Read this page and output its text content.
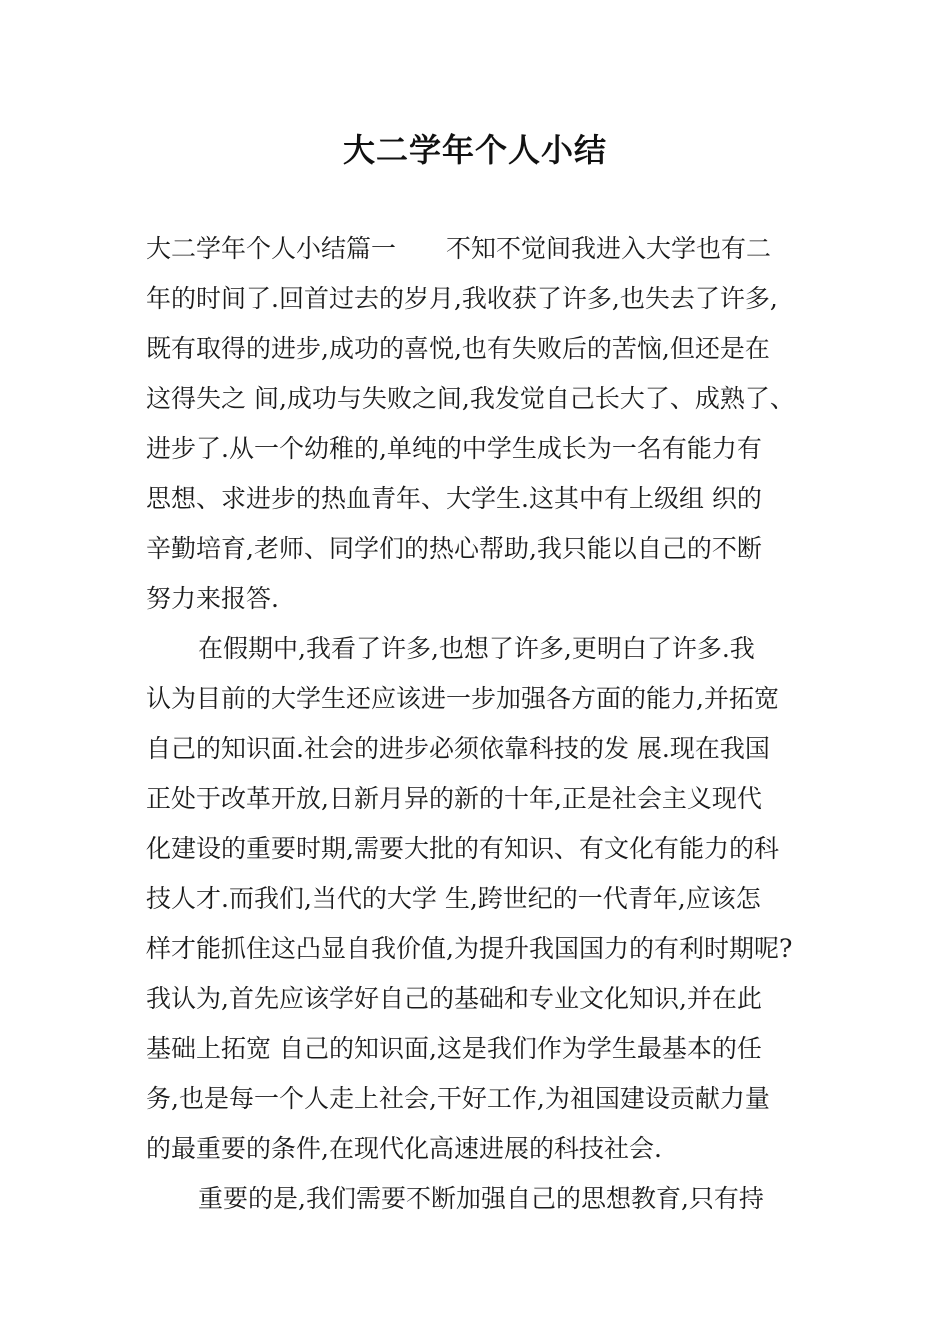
大二学年个人小结
大二学年个人小结篇一　　不知不觉间我进入大学也有二
年的时间了.回首过去的岁月,我收获了许多,也失去了许多,
既有取得的进步,成功的喜悦,也有失败后的苦恼,但还是在
这得失之 间,成功与失败之间,我发觉自己长大了、成熟了、
进步了.从一个幼稚的,单纯的中学生成长为一名有能力有
思想、求进步的热血青年、大学生.这其中有上级组 织的
辛勤培育,老师、同学们的热心帮助,我只能以自己的不断
努力来报答.
在假期中,我看了许多,也想了许多,更明白了许多.我
认为目前的大学生还应该进一步加强各方面的能力,并拓宽
自己的知识面.社会的进步必须依靠科技的发 展.现在我国
正处于改革开放,日新月异的新的十年,正是社会主义现代
化建设的重要时期,需要大批的有知识、有文化有能力的科
技人才.而我们,当代的大学 生,跨世纪的一代青年,应该怎
样才能抓住这凸显自我价值,为提升我国国力的有利时期呢?
我认为,首先应该学好自己的基础和专业文化知识,并在此
基础上拓宽 自己的知识面,这是我们作为学生最基本的任
务,也是每一个人走上社会,干好工作,为祖国建设贡献力量
的最重要的条件,在现代化高速进展的科技社会.
重要的是,我们需要不断加强自己的思想教育,只有持
